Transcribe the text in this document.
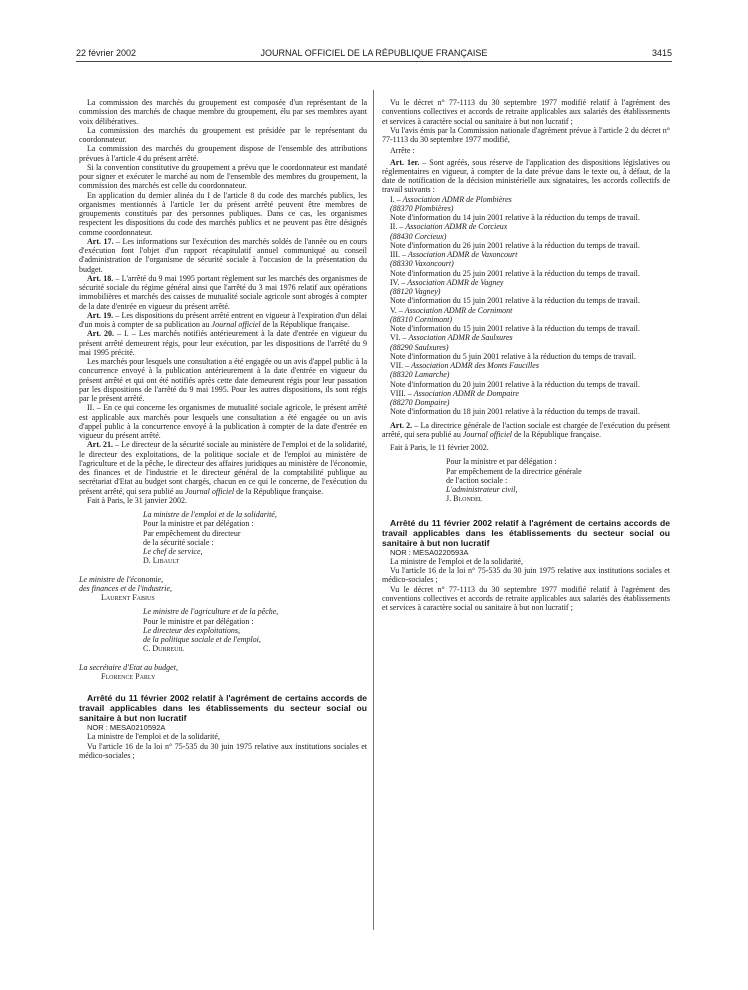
22 février 2002	JOURNAL OFFICIEL DE LA RÉPUBLIQUE FRANÇAISE	3415

La commission des marchés du groupement est composée d'un représentant de la commission des marchés de chaque membre du groupement, élu par ses membres ayant voix délibératives.

La commission des marchés du groupement est présidée par le représentant du coordonnateur.

La commission des marchés du groupement dispose de l'ensemble des attributions prévues à l'article 4 du présent arrêté.

Si la convention constitutive du groupement a prévu que le coordonnateur est mandaté pour signer et exécuter le marché au nom de l'ensemble des membres du groupement, la commission des marchés est celle du coordonnateur.

En application du dernier alinéa du I de l'article 8 du code des marchés publics, les organismes mentionnés à l'article 1er du présent arrêté peuvent être membres de groupements constitués par des personnes publiques. Dans ce cas, les organismes respectent les dispositions du code des marchés publics et ne peuvent pas être désignés comme coordonnateur.

Art. 17. – Les informations sur l'exécution des marchés soldés de l'année ou en cours d'exécution font l'objet d'un rapport récapitulatif annuel communiqué au conseil d'administration de l'organisme de sécurité sociale à l'occasion de la présentation du budget.

Art. 18. – L'arrêté du 9 mai 1995 portant règlement sur les marchés des organismes de sécurité sociale du régime général ainsi que l'arrêté du 3 mai 1976 relatif aux opérations immobilières et marchés des caisses de mutualité sociale agricole sont abrogés à compter de la date d'entrée en vigueur du présent arrêté.

Art. 19. – Les dispositions du présent arrêté entrent en vigueur à l'expiration d'un délai d'un mois à compter de sa publication au Journal officiel de la République française.

Art. 20. – I. – Les marchés notifiés antérieurement à la date d'entrée en vigueur du présent arrêté demeurent régis, pour leur exécution, par les dispositions de l'arrêté du 9 mai 1995 précité.

Les marchés pour lesquels une consultation a été engagée ou un avis d'appel public à la concurrence envoyé à la publication antérieurement à la date d'entrée en vigueur du présent arrêté et qui ont été notifiés après cette date demeurent régis pour leur passation par les dispositions de l'arrêté du 9 mai 1995. Pour les autres dispositions, ils sont régis par le présent arrêté.

II. – En ce qui concerne les organismes de mutualité sociale agricole, le présent arrêté est applicable aux marchés pour lesquels une consultation a été engagée ou un avis d'appel public à la concurrence envoyé à la publication à compter de la date d'entrée en vigueur du présent arrêté.

Art. 21. – Le directeur de la sécurité sociale au ministère de l'emploi et de la solidarité, le directeur des exploitations, de la politique sociale et de l'emploi au ministère de l'agriculture et de la pêche, le directeur des affaires juridiques au ministère de l'économie, des finances et de l'industrie et le directeur général de la comptabilité publique au secrétariat d'Etat au budget sont chargés, chacun en ce qui le concerne, de l'exécution du présent arrêté, qui sera publié au Journal officiel de la République française.

Fait à Paris, le 31 janvier 2002.

La ministre de l'emploi et de la solidarité,

Pour la ministre et par délégation :

Par empêchement du directeur

de la sécurité sociale :

Le chef de service,

D. Libault

Le ministre de l'économie,

des finances et de l'industrie,

Laurent Fabius

Le ministre de l'agriculture et de la pêche,

Pour le ministre et par délégation :

Le directeur des exploitations,

de la politique sociale et de l'emploi,

C. Dubreuil

La secrétaire d'Etat au budget,

Florence Parly

Arrêté du 11 février 2002 relatif à l'agrément de certains accords de travail applicables dans les établissements du secteur social ou sanitaire à but non lucratif

NOR : MESA0210592A

La ministre de l'emploi et de la solidarité,

Vu l'article 16 de la loi n° 75-535 du 30 juin 1975 relative aux institutions sociales et médico-sociales ;

Vu le décret n° 77-1113 du 30 septembre 1977 modifié relatif à l'agrément des conventions collectives et accords de retraite applicables aux salariés des établissements et services à caractère social ou sanitaire à but non lucratif ;

Vu l'avis émis par la Commission nationale d'agrément prévue à l'article 2 du décret n° 77-1113 du 30 septembre 1977 modifié,

Arrête :

Art. 1er. – Sont agréés, sous réserve de l'application des dispositions législatives ou réglementaires en vigueur, à compter de la date prévue dans le texte ou, à défaut, de la date de notification de la décision ministérielle aux signataires, les accords collectifs de travail suivants :

I. – Association ADMR de Plombières

(88370 Plombières)

Note d'information du 14 juin 2001 relative à la réduction du temps de travail.

II. – Association ADMR de Corcieux

(88430 Corcieux)

Note d'information du 26 juin 2001 relative à la réduction du temps de travail.

III. – Association ADMR de Vaxoncourt

(88330 Vaxoncourt)

Note d'information du 25 juin 2001 relative à la réduction du temps de travail.

IV. – Association ADMR de Vagney

(88120 Vagney)

Note d'information du 15 juin 2001 relative à la réduction du temps de travail.

V. – Association ADMR de Cornimont

(88310 Cornimont)

Note d'information du 15 juin 2001 relative à la réduction du temps de travail.

VI. – Association ADMR de Saulxures

(88290 Saulxures)

Note d'information du 5 juin 2001 relative à la réduction du temps de travail.

VII. – Association ADMR des Monts Faucilles

(88320 Lamarche)

Note d'information du 20 juin 2001 relative à la réduction du temps de travail.

VIII. – Association ADMR de Dompaire

(88270 Dompaire)

Note d'information du 18 juin 2001 relative à la réduction du temps de travail.

Art. 2. – La directrice générale de l'action sociale est chargée de l'exécution du présent arrêté, qui sera publié au Journal officiel de la République française.

Fait à Paris, le 11 février 2002.

Pour la ministre et par délégation :

Par empêchement de la directrice générale

de l'action sociale :

L'administrateur civil,

J. Blondel

Arrêté du 11 février 2002 relatif à l'agrément de certains accords de travail applicables dans les établissements du secteur social ou sanitaire à but non lucratif

NOR : MESA0220593A

La ministre de l'emploi et de la solidarité,

Vu l'article 16 de la loi n° 75-535 du 30 juin 1975 relative aux institutions sociales et médico-sociales ;

Vu le décret n° 77-1113 du 30 septembre 1977 modifié relatif à l'agrément des conventions collectives et accords de retraite applicables aux salariés des établissements et services à caractère social ou sanitaire à but non lucratif ;
